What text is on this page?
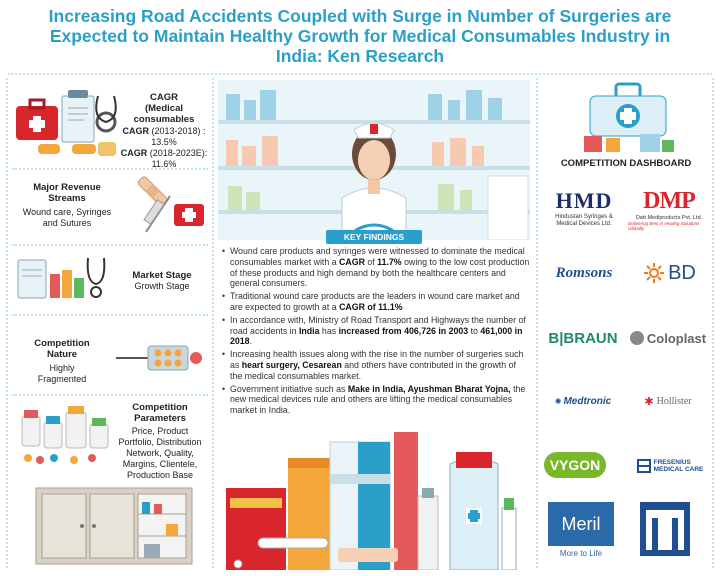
Increasing Road Accidents Coupled with Surge in Number of Surgeries are
Expected to Maintain Healthy Growth for Medical Consumables Industry in
India: Ken Research
CAGR
(Medical
consumables
CAGR (2013-2018) :
13.5%
CAGR (2018-2023E):
11.6%
Major Revenue
Streams
Wound care, Syringes
and Sutures
Market Stage
Growth Stage
Competition
Nature
Highly
Fragmented
Competition
Parameters
Price, Product
Portfolio, Distribution
Network, Quality,
Margins, Clientele,
Production Base
KEY FINDINGS
• Wound care products and syringes were witnessed to dominate the medical consumables market with a CAGR of 11.7% owing to the low cost production of these products and high demand by both the healthcare centers and general consumers.
• Traditional wound care products are the leaders in wound care market and are expected to growth at a CAGR of 11.1%
• In accordance with, Ministry of Road Transport and Highways the number of road accidents in India has increased from 406,726 in 2003 to 461,000 in 2018.
• Increasing health issues along with the rise in the number of surgeries such as heart surgery, Cesarean and others have contributed in the growth of the medical consumables market.
• Government initiative such as Make in India, Ayushman Bharat Yojna, the new medical devices rule and others are lifting the medical consumables market in India.
COMPETITION DASHBOARD
HMD
Hindustan Syringes &
Medical Devices Ltd.
DMP
Datt Mediproducts Pvt. Ltd.
Delivering Best in Healing Solutions Globally
Romsons	BD
B|BRAUN Coloplast
✺ Medtronic	✱ Hollister
VYGON	FRESENIUS
MEDICAL CARE
Meril
More to Life
